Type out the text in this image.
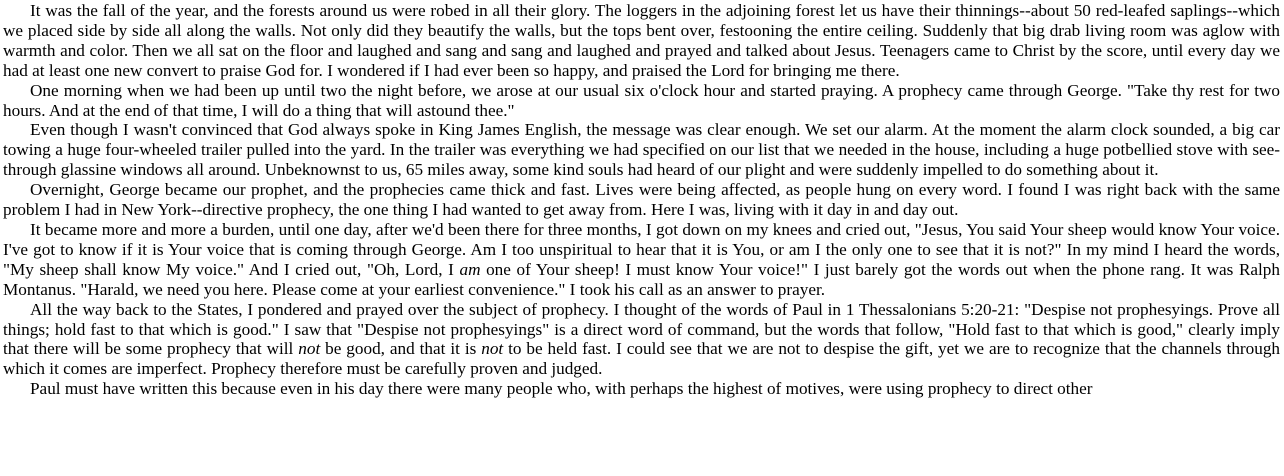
It was the fall of the year, and the forests around us were robed in all their glory. The loggers in the adjoining forest let us have their thinnings--about 50 red-leafed saplings--which we placed side by side all along the walls. Not only did they beautify the walls, but the tops bent over, festooning the entire ceiling. Suddenly that big drab living room was aglow with warmth and color. Then we all sat on the floor and laughed and sang and sang and laughed and prayed and talked about Jesus. Teenagers came to Christ by the score, until every day we had at least one new convert to praise God for. I wondered if I had ever been so happy, and praised the Lord for bringing me there.

One morning when we had been up until two the night before, we arose at our usual six o'clock hour and started praying. A prophecy came through George. "Take thy rest for two hours. And at the end of that time, I will do a thing that will astound thee."

Even though I wasn't convinced that God always spoke in King James English, the message was clear enough. We set our alarm. At the moment the alarm clock sounded, a big car towing a huge four-wheeled trailer pulled into the yard. In the trailer was everything we had specified on our list that we needed in the house, including a huge potbellied stove with see-through glassine windows all around. Unbeknownst to us, 65 miles away, some kind souls had heard of our plight and were suddenly impelled to do something about it.

Overnight, George became our prophet, and the prophecies came thick and fast. Lives were being affected, as people hung on every word. I found I was right back with the same problem I had in New York--directive prophecy, the one thing I had wanted to get away from. Here I was, living with it day in and day out.

It became more and more a burden, until one day, after we'd been there for three months, I got down on my knees and cried out, "Jesus, You said Your sheep would know Your voice. I've got to know if it is Your voice that is coming through George. Am I too unspiritual to hear that it is You, or am I the only one to see that it is not?" In my mind I heard the words, "My sheep shall know My voice." And I cried out, "Oh, Lord, I am one of Your sheep! I must know Your voice!" I just barely got the words out when the phone rang. It was Ralph Montanus. "Harald, we need you here. Please come at your earliest convenience." I took his call as an answer to prayer.

All the way back to the States, I pondered and prayed over the subject of prophecy. I thought of the words of Paul in 1 Thessalonians 5:20-21: "Despise not prophesyings. Prove all things; hold fast to that which is good." I saw that "Despise not prophesyings" is a direct word of command, but the words that follow, "Hold fast to that which is good," clearly imply that there will be some prophecy that will not be good, and that it is not to be held fast. I could see that we are not to despise the gift, yet we are to recognize that the channels through which it comes are imperfect. Prophecy therefore must be carefully proven and judged.

Paul must have written this because even in his day there were many people who, with perhaps the highest of motives, were using prophecy to direct other
